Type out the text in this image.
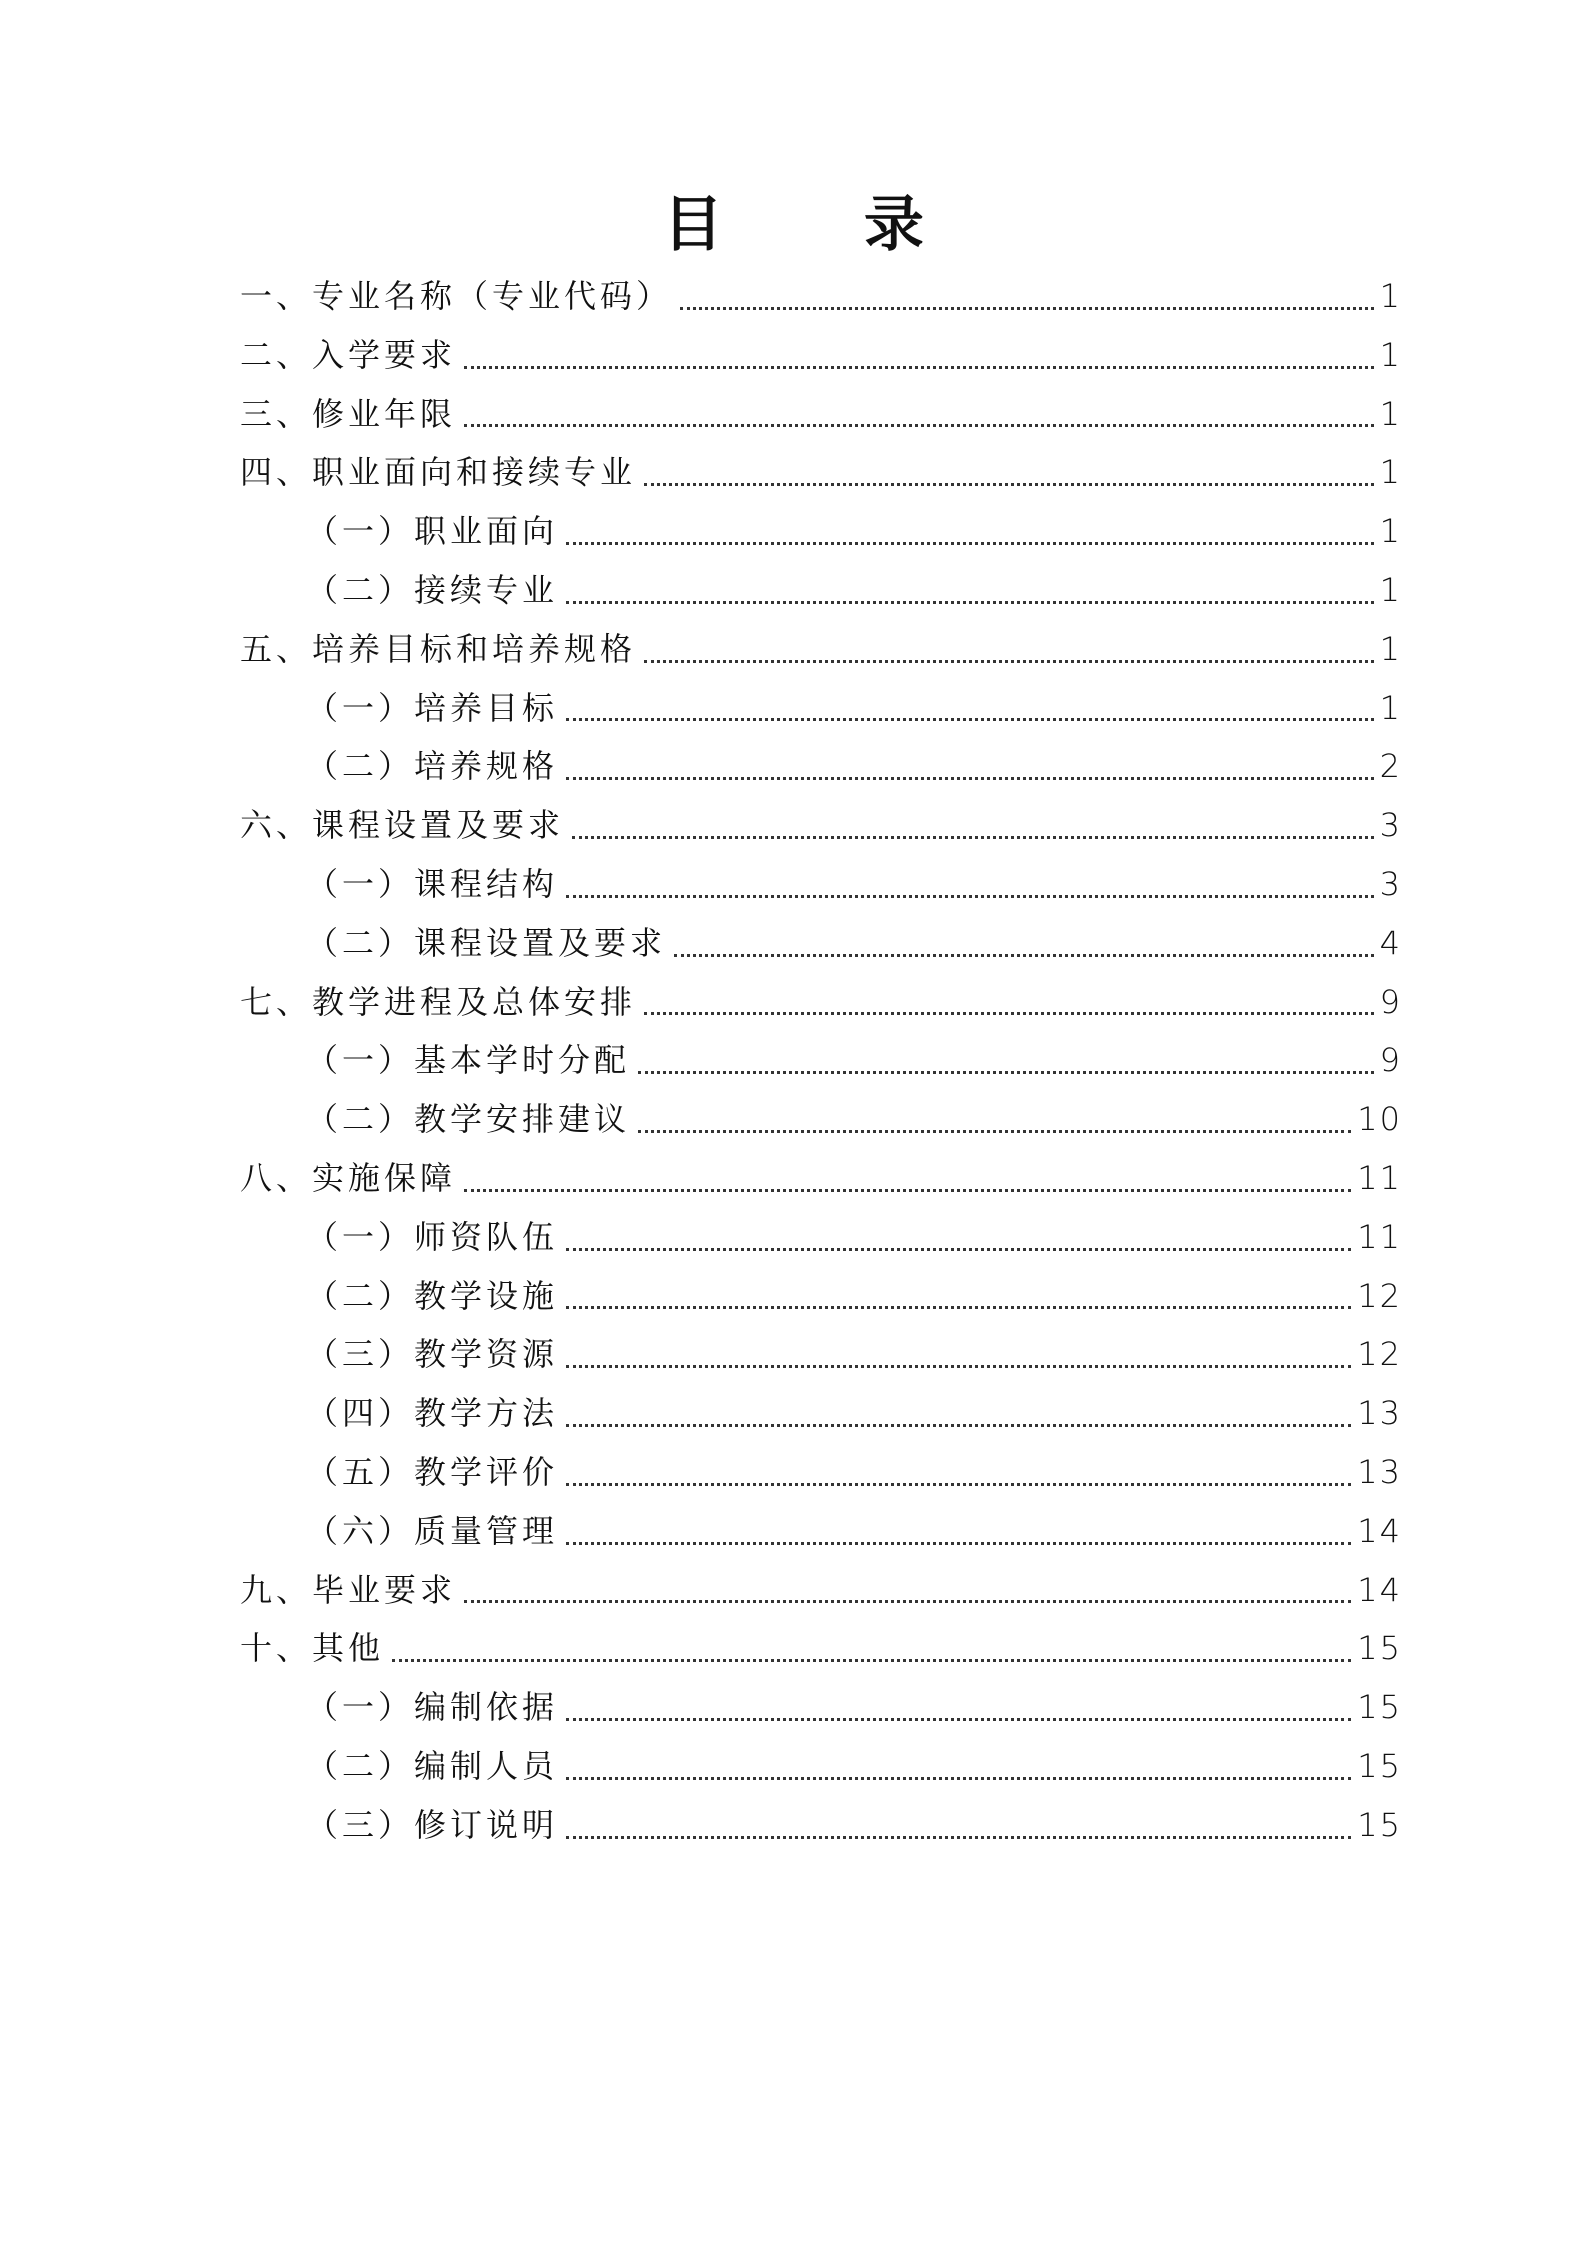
目 录
一、专业名称（专业代码）	1
二、入学要求	1
三、修业年限	1
四、职业面向和接续专业	1
（一）职业面向	1
（二）接续专业	1
五、培养目标和培养规格	1
（一）培养目标	1
（二）培养规格	2
六、课程设置及要求	3
（一）课程结构	3
（二）课程设置及要求	4
七、教学进程及总体安排	9
（一）基本学时分配	9
（二）教学安排建议	10
八、实施保障	11
（一）师资队伍	11
（二）教学设施	12
（三）教学资源	12
（四）教学方法	13
（五）教学评价	13
（六）质量管理	14
九、毕业要求	14
十、其他	15
（一）编制依据	15
（二）编制人员	15
（三）修订说明	15
